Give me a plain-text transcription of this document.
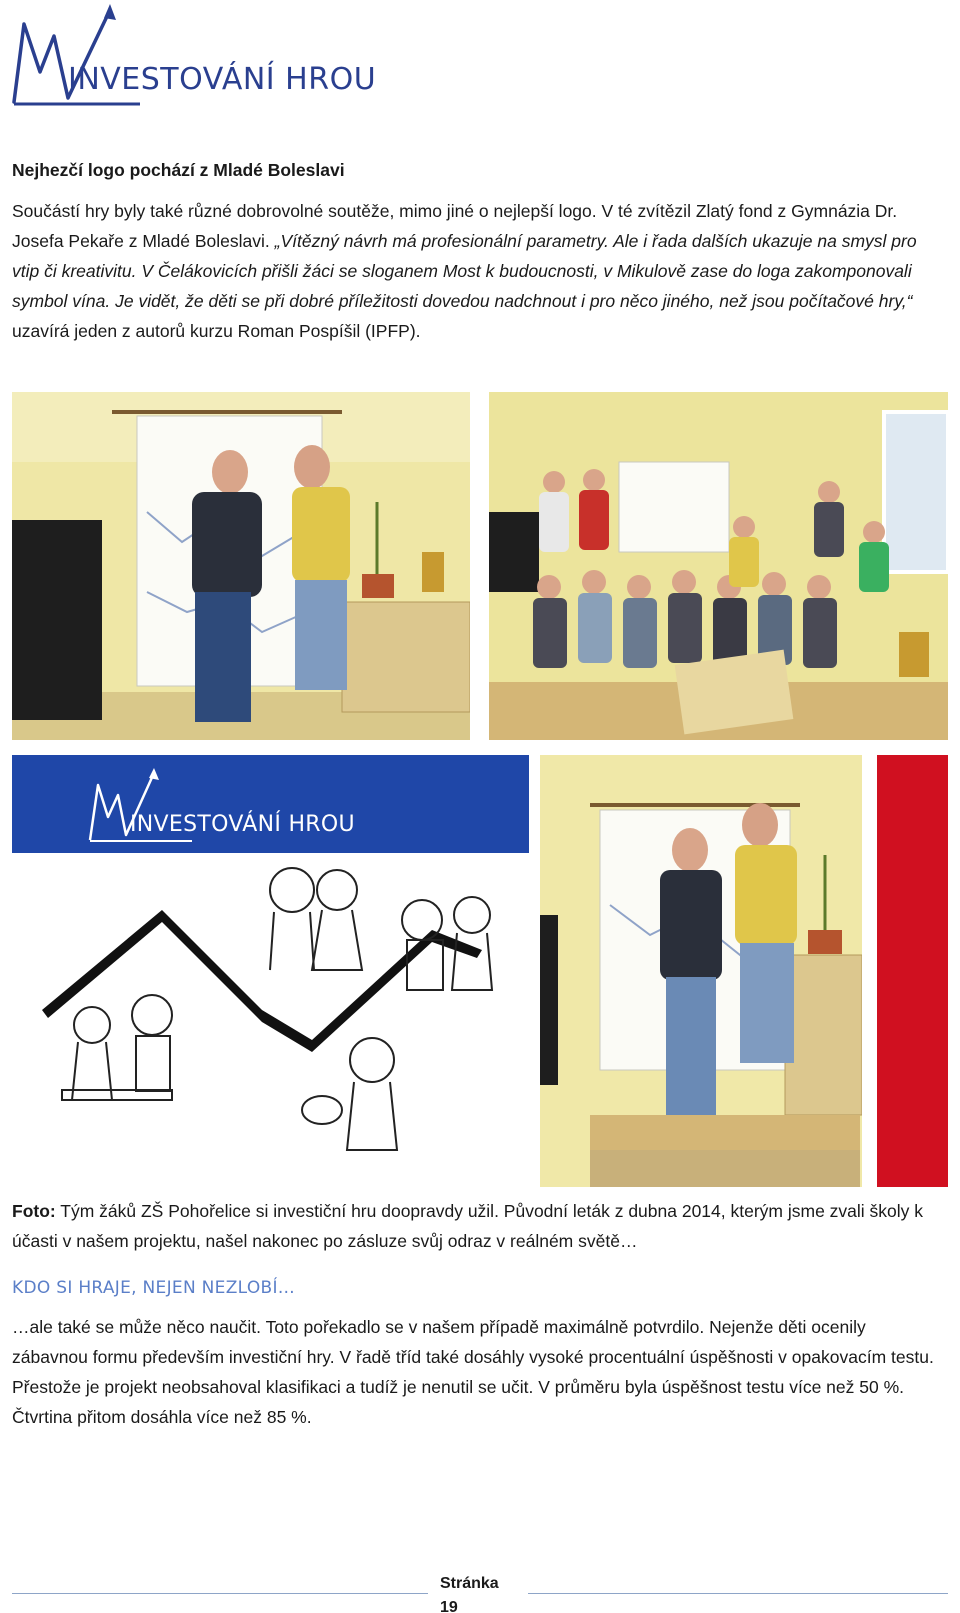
INVESTOVÁNÍ HROU
Nejhezčí logo pochází z Mladé Boleslavi

Součástí hry byly také různé dobrovolné soutěže, mimo jiné o nejlepší logo. V té zvítězil Zlatý fond z Gymnázia Dr. Josefa Pekaře z Mladé Boleslavi. „Vítězný návrh má profesionální parametry. Ale i řada dalších ukazuje na smysl pro vtip či kreativitu. V Čelákovicích přišli žáci se sloganem Most k budoucnosti, v Mikulově zase do loga zakomponovali symbol vína. Je vidět, že děti se při dobré příležitosti dovedou nadchnout i pro něco jiného, než jsou počítačové hry,“ uzavírá jeden z autorů kurzu Roman Pospíšil (IPFP).

INVESTOVÁNÍ HROU

Foto: Tým žáků ZŠ Pohořelice si investiční hru doopravdy užil. Původní leták z dubna 2014, kterým jsme zvali školy k účasti v našem projektu, našel nakonec po zásluze svůj odraz v reálném světě…

KDO SI HRAJE, NEJEN NEZLOBÍ…

…ale také se může něco naučit. Toto pořekadlo se v našem případě maximálně potvrdilo. Nejenže děti ocenily zábavnou formu především investiční hry. V řadě tříd také dosáhly vysoké procentuální úspěšnosti v opakovacím testu. Přestože je projekt neobsahoval klasifikaci a tudíž je nenutil se učit. V průměru byla úspěšnost testu více než 50 %. Čtvrtina přitom dosáhla více než 85 %.

Stránka
19
